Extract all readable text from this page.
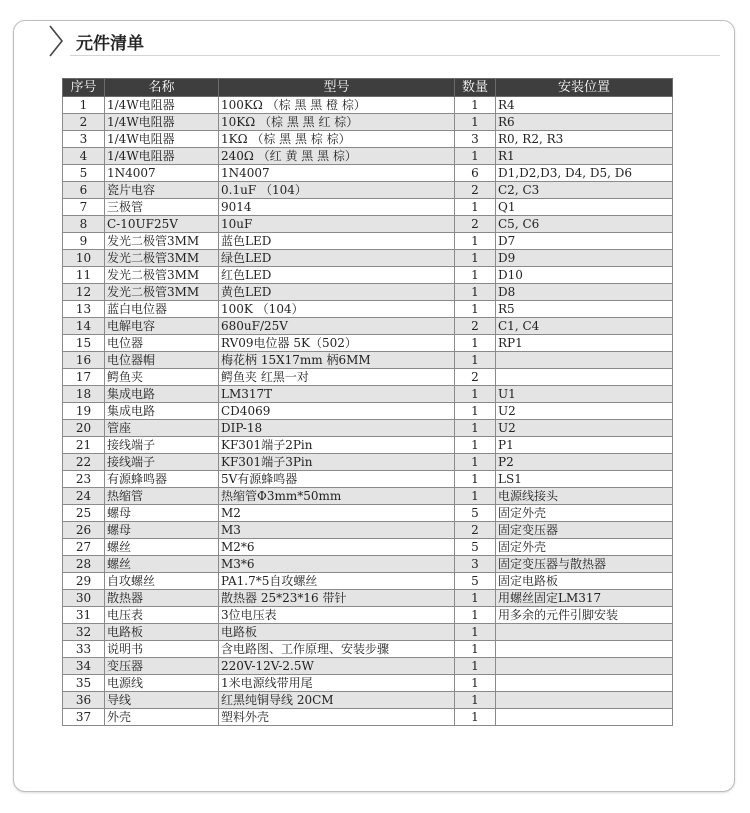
元件清单
序号	名称	型号	数量	安装位置
1	1/4W电阻器	100KΩ （棕 黑 黑 橙 棕）	1	R4
2	1/4W电阻器	10KΩ （棕 黑 黑 红 棕）	1	R6
3	1/4W电阻器	1KΩ （棕 黑 黑 棕 棕）	3	R0, R2, R3
4	1/4W电阻器	240Ω （红 黄 黑 黑 棕）	1	R1
5	1N4007	1N4007	6	D1,D2,D3, D4, D5, D6
6	瓷片电容	0.1uF （104）	2	C2, C3
7	三极管	9014	1	Q1
8	C-10UF25V	10uF	2	C5, C6
9	发光二极管3MM	蓝色LED	1	D7
10	发光二极管3MM	绿色LED	1	D9
11	发光二极管3MM	红色LED	1	D10
12	发光二极管3MM	黄色LED	1	D8
13	蓝白电位器	100K （104）	1	R5
14	电解电容	680uF/25V	2	C1, C4
15	电位器	RV09电位器 5K（502）	1	RP1
16	电位器帽	梅花柄 15X17mm 柄6MM	1	
17	鳄鱼夹	鳄鱼夹 红黑一对	2	
18	集成电路	LM317T	1	U1
19	集成电路	CD4069	1	U2
20	管座	DIP-18	1	U2
21	接线端子	KF301端子2Pin	1	P1
22	接线端子	KF301端子3Pin	1	P2
23	有源蜂鸣器	5V有源蜂鸣器	1	LS1
24	热缩管	热缩管Φ3mm*50mm	1	电源线接头
25	螺母	M2	5	固定外壳
26	螺母	M3	2	固定变压器
27	螺丝	M2*6	5	固定外壳
28	螺丝	M3*6	3	固定变压器与散热器
29	自攻螺丝	PA1.7*5自攻螺丝	5	固定电路板
30	散热器	散热器 25*23*16 带针	1	用螺丝固定LM317
31	电压表	3位电压表	1	用多余的元件引脚安装
32	电路板	电路板	1	
33	说明书	含电路图、工作原理、安装步骤	1	
34	变压器	220V-12V-2.5W	1	
35	电源线	1米电源线带用尾	1	
36	导线	红黑纯铜导线 20CM	1	
37	外壳	塑料外壳	1	
